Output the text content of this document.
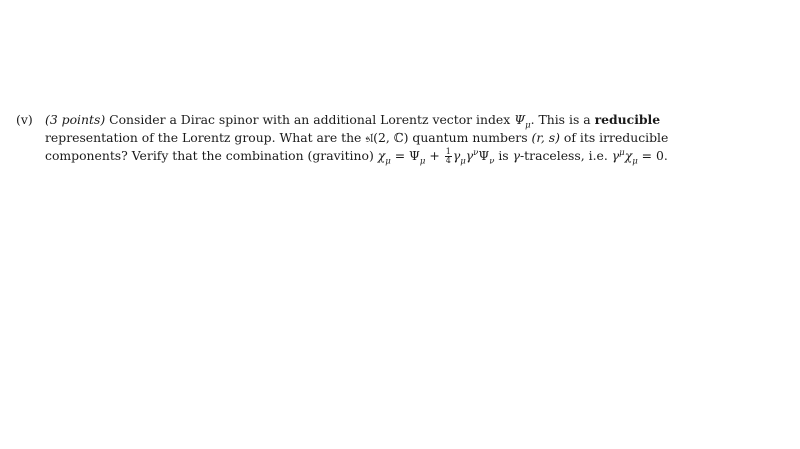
(v) (3 points) Consider a Dirac spinor with an additional Lorentz vector index $\Psi_\mu$. This is a reducible
representation of the Lorentz group. What are the 𝔰𝔩(2, ℂ) quantum numbers (r, s) of its irreducible
components? Verify that the combination (gravitino) $\chi_\mu = \Psi_\mu + \frac{1}{4} \gamma_\mu\gamma^\nu\Psi_\nu$ is γ-traceless, i.e. $\gamma^\mu\chi_\mu = 0$.
